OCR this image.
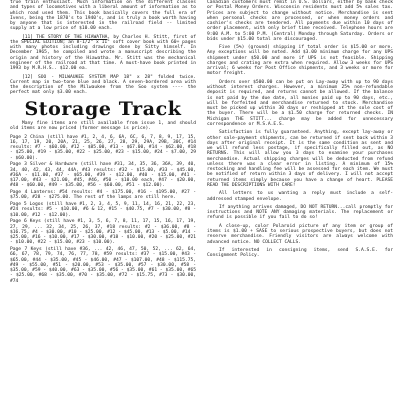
true train enthusiast. Much information on the different classes and types of locomotives with a liberal amount of information as to which road used them. This book basically covers the full era of Ivens, being the 1870's to 1940's, and is truly a book worth having by anyone that is interested in the railroad field -- limited supply at a low price of $10.00 each.

[11] THE STORY OF THE HIAWATHA, by Charles H. Stitt, first of the SPECIAL EDITION; an 8-1/2" x 11" soft cover book with 60+ pages with many photos including drawings done by Sitty himself. In December 1965, he compiled and wrote a manuscript describing the origin and history of the Hiawatha. Mr. Stitt was the mechanical engineer of the railroad at that time. A must-have book printed in 1993 by M.R.H.S.. $12.00 ea.

[12] SOO - MILWAUKEE SYSTEM MAP 18" x 28" folded twice. Current map in two-tone blue and black. A seven-bordered area with the description of the Milwaukee from the Soo system ---- the perfect mat only $3.00 each.

Storage Track

Many fine items are still available from issue 1, and should old items are now priced (former message is price).

Page 2 China (still have #1, 2, 4, 6, 6A, 6C, 6, 7, 8, 9, 17, 15, 16, 17, 19, 20, 20A, 21, 25, 26, 27, 28, 29, 29A, 29B, 30C, #14 results: #7 - $60.00, #12 - $85.00, #13 - $67.00, #14 - $62.00, #18 - $25.00, #19 - $35.00, #22 - $25.00, #23 - $15.00, #24 - $7.00, 29 - $60.00).

Page 3 Silver & Hardware (still have #31, 34, 35, 36, 36A, 39, 40, 34, 40, 42, 43, 44, 44A, #43 results: #32 - $15.00, #33 - $45.00, #36A - $11.00, #37 - $65.00, #39 - $12.00, #40 - $15.00, #41 - $17.00, #43 - $21.00, #45, #46, #50 - $10.00 each, #47 - $20.00, #48 - $60.00, #49 - $35.00, #56 - $60.00, #51 - $12.00).

Page 4 Lanterns: #54 results: #4 - $175.00, #16 - $195.00, #27 - $75.00, #28 - $275.00. The rest of the lamps are still here.

Page 5 Logos (still have #1, 2, 3, 4, 5, 9, 11, 14, 16, 21, 22, 23, #24 results: #5 - $10.00, #6 & 12, #15 - $40.75, #7 - $30.00, #8 - $10.00, #12 - $12.00).

Page 6 Keys (still have #1, 3, 5, 6, 7, 8, 11, 17, 15, 16, 17, 19, 27, 29, ... 32, 34, 25, 26, 37, #18 results: #2 - $36.00, #8 - $16.75, #4 - $30.00, #10 - $25.00, #12 - $45.00, #13 - $5.00, #14 - $25.00, #16 - $10.00, #17 - $30.00, #18 - $10.00, #20 - $25.00, #21 - $10.00, #22 - $15.00, #23 - $10.00).

Page 7 Keys (still have #36, ... 42, 46, 47, 50, 52, ... 62, 64, 66, 67, 78, 79, 74, 76, 77, 78, #59 results: #37 - $15.00, #43 - $65.00, #44 - $35.00, #45 - $46.00, #47 - $107.00, #48 - $115.75, #49 - $55.00, #51 - $20.00, #53 - $35.00, #57 - $30.00, #58 - $35.00, #59 - $40.00, #63 - $35.00, #56 - $35.00, #61 - $35.00, #65 - $25.00, #68 - $35.00, #70 - $35.00, #72 - $15.75, #73 - $30.00, #74

Canadian customers must remit in U.S. Dollars, either by bank check or Postal Money Orders. Wisconsin residents must add 5% sales tax. Prices are subject to change without notice. Merchandise is sent when personal checks are processed, or when money orders and cashier's checks are tendered. All payments due within 10 days of order placement, with only brief time received. Telephone hours are 9:00 A.M. to 5:00 P.M. (Central) Monday through Saturday. Orders or bids under $15.00 total are discouraged.

Five (5%) (ground) shipping if total order is $15.00 or more. Any exceptions will be noted. Add $3.00 minimum charge for any UPS shipment under $50.00 and more if UPS is not feasible. Shipping charges and crating are extra when required. Allow 3 weeks for UPS arrival; 6 weeks for Post Office shipments, and 3 weeks or more for motor freight.

Orders over $500.00 can be put on Lay-away with up to 90 days without interest charges. However, a minimum 25% non-refundable deposit is required, and returns cannot be allowed. If the balance is not paid by the due date, all monies paid up to 90 days, etc., will be forfeited and merchandise returned to stock. Merchandise must be picked up within 30 days or reshipped at the sole cost of the buyer. There will be a $1.50 charge for returned checks. IN Michigan THE STITT... charge may be added for unnecessary correspondence or M.S.A.E.S.

Satisfaction is fully guaranteed. Anything, except lay-away or other sale-payment shipments, can be returned if sent back within 3 days after original receipt. It is the same condition as sent and we will refund less postage, if specifically filled out, as NO RETURNS. This will allow you 3 days to examine your purchases merchandise. Actual shipping charges will be deducted from refund unless there was a clear error in listing. A minimum of 15% restocking and handling fee will be assessed for each item. We must be notified of return within 3 days of delivery. I will not accept returned items simply because you have a change of heart. PLEASE READ THE DESCRIPTIONS WITH CARE!

All letters to us wanting a reply must include a self-addressed stamped envelope.

If anything arrives damaged, DO NOT RETURN...call promptly for instructions and NOTE ANY damaging materials. The replacement or refund is possible if you fail to do so!

A close-up, color Polaroid picture of any item or group of items is $1.00 + SASE to serious prospective buyers, but does not reserve merchandise. Friendly visitors are always welcome with advanced notice. NO COLLECT CALLS.

If interested in consigning items, send S.A.S.E. for Consignment Policy.
